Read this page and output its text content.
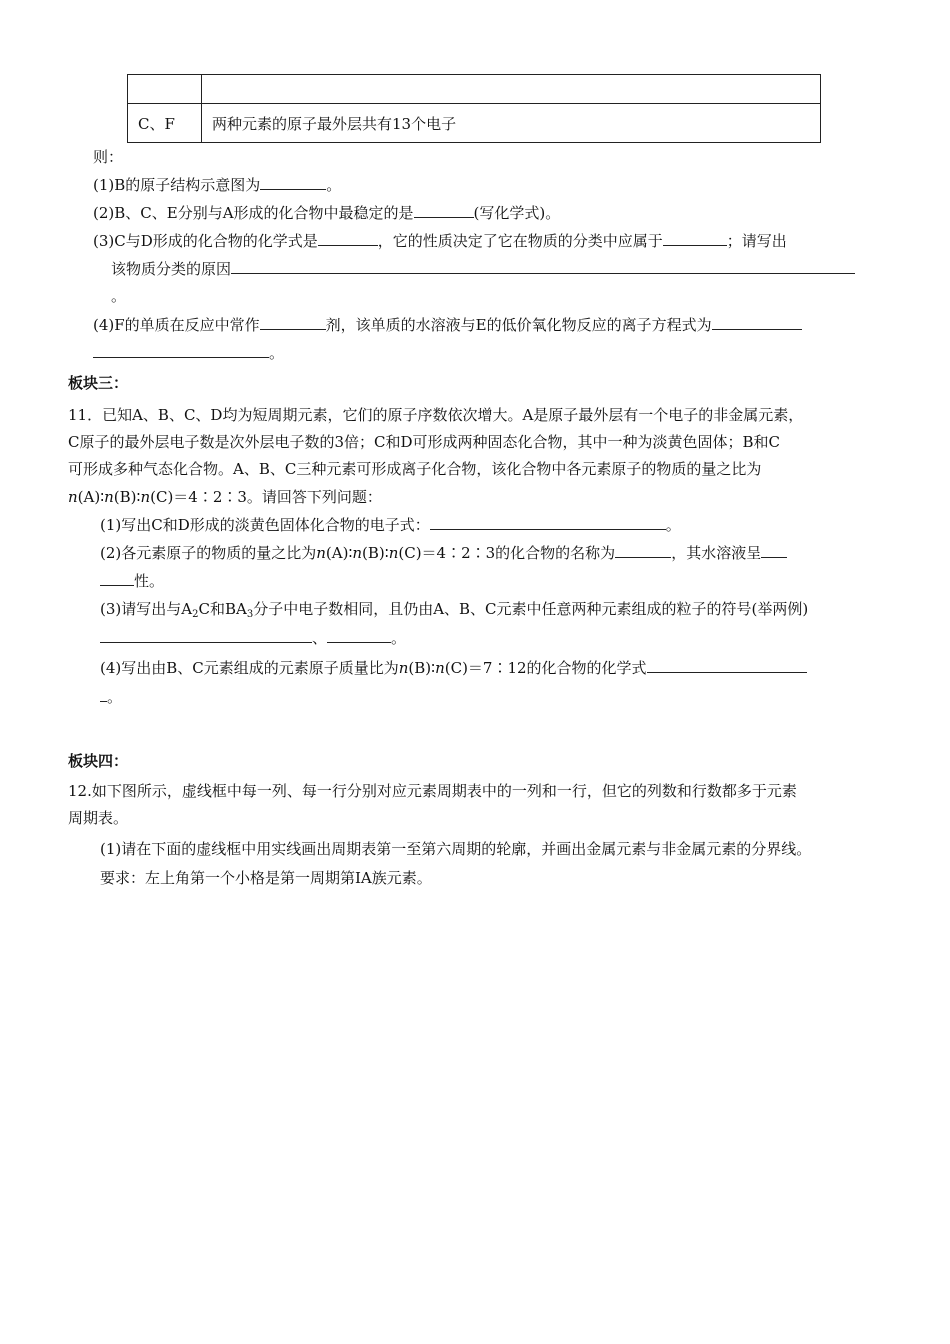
C、F	两种元素的原子最外层共有13个电子
则：
(1)B的原子结构示意图为	。
(2)B、C、E分别与A形成的化合物中最稳定的是	(写化学式)。
(3)C与D形成的化合物的化学式是	，它的性质决定了它在物质的分类中应属于	；请写出
该物质分类的原因
。
(4)F的单质在反应中常作	剂，该单质的水溶液与E的低价氧化物反应的离子方程式为
。
板块三：
11．已知A、B、C、D均为短周期元素，它们的原子序数依次增大。A是原子最外层有一个电子的非金属元素，
C原子的最外层电子数是次外层电子数的3倍；C和D可形成两种固态化合物，其中一种为淡黄色固体；B和C
可形成多种气态化合物。A、B、C三种元素可形成离子化合物，该化合物中各元素原子的物质的量之比为
n(A)∶n(B)∶n(C)＝4∶2∶3。请回答下列问题：
(1)写出C和D形成的淡黄色固体化合物的电子式：	。
(2)各元素原子的物质的量之比为n(A)∶n(B)∶n(C)＝4∶2∶3的化合物的名称为	，其水溶液呈
性。
(3)请写出与$A_2C$和$BA_3$分子中电子数相同，且仍由A、B、C元素中任意两种元素组成的粒子的符号(举两例)
、	。
(4)写出由B、C元素组成的元素原子质量比为n(B)∶n(C)＝7∶12的化合物的化学式
。
板块四：
12.如下图所示，虚线框中每一列、每一行分别对应元素周期表中的一列和一行，但它的列数和行数都多于元素
周期表。
(1)请在下面的虚线框中用实线画出周期表第一至第六周期的轮廓，并画出金属元素与非金属元素的分界线。
要求：左上角第一个小格是第一周期第ⅠA族元素。
